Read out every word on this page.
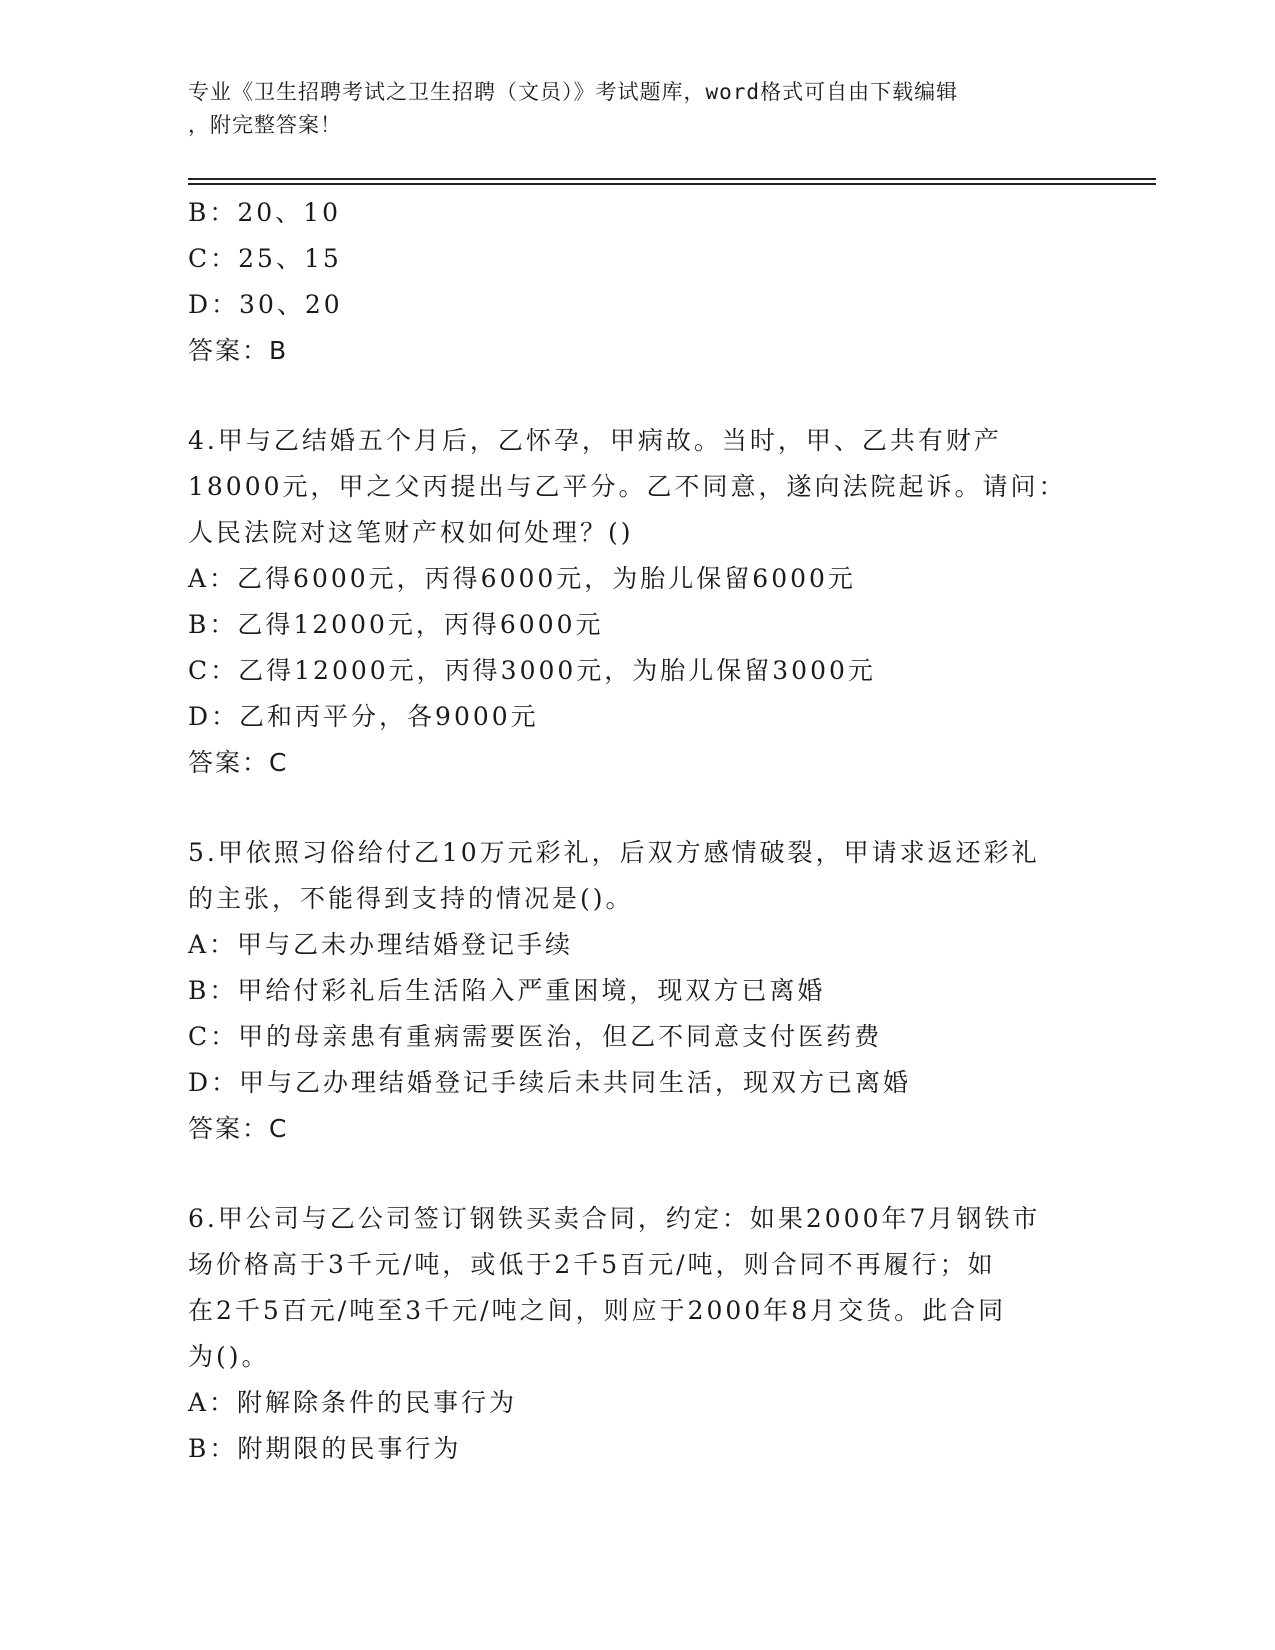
专业《卫生招聘考试之卫生招聘（文员）》考试题库，word格式可自由下载编辑
，附完整答案！
B：20、10
C：25、15
D：30、20
答案：B
4.甲与乙结婚五个月后，乙怀孕，甲病故。当时，甲、乙共有财产
18000元，甲之父丙提出与乙平分。乙不同意，遂向法院起诉。请问：
人民法院对这笔财产权如何处理？()
A：乙得6000元，丙得6000元，为胎儿保留6000元
B：乙得12000元，丙得6000元
C：乙得12000元，丙得3000元，为胎儿保留3000元
D：乙和丙平分，各9000元
答案：C
5.甲依照习俗给付乙10万元彩礼，后双方感情破裂，甲请求返还彩礼
的主张，不能得到支持的情况是()。
A：甲与乙未办理结婚登记手续
B：甲给付彩礼后生活陷入严重困境，现双方已离婚
C：甲的母亲患有重病需要医治，但乙不同意支付医药费
D：甲与乙办理结婚登记手续后未共同生活，现双方已离婚
答案：C
6.甲公司与乙公司签订钢铁买卖合同，约定：如果2000年7月钢铁市
场价格高于3千元/吨，或低于2千5百元/吨，则合同不再履行；如
在2千5百元/吨至3千元/吨之间，则应于2000年8月交货。此合同
为()。
A：附解除条件的民事行为
B：附期限的民事行为
